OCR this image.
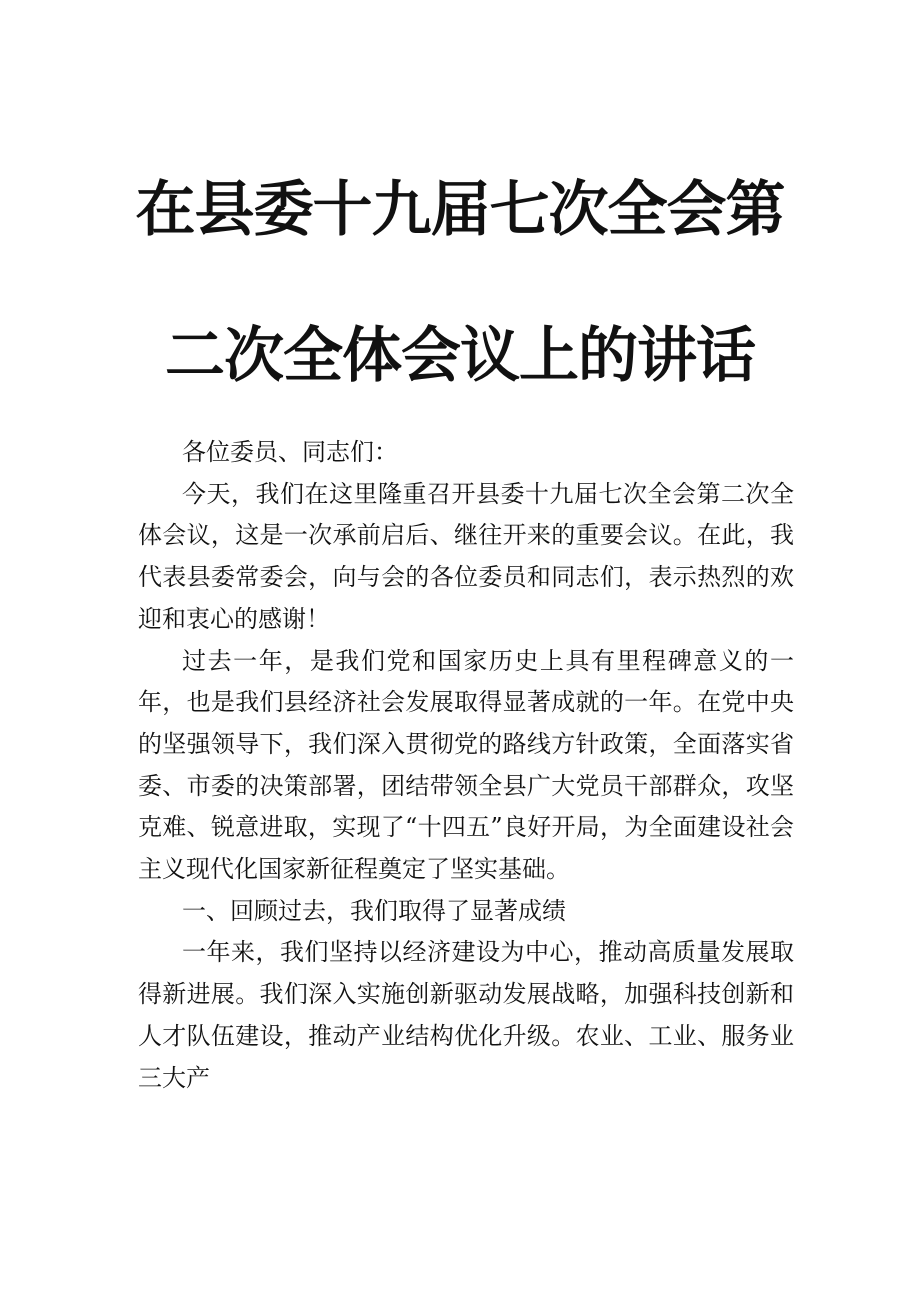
在县委十九届七次全会第
二次全体会议上的讲话

各位委员、同志们：

今天，我们在这里隆重召开县委十九届七次全会第二次全体会议，这是一次承前启后、继往开来的重要会议。在此，我代表县委常委会，向与会的各位委员和同志们，表示热烈的欢迎和衷心的感谢！

过去一年，是我们党和国家历史上具有里程碑意义的一年，也是我们县经济社会发展取得显著成就的一年。在党中央的坚强领导下，我们深入贯彻党的路线方针政策，全面落实省委、市委的决策部署，团结带领全县广大党员干部群众，攻坚克难、锐意进取，实现了“十四五”良好开局，为全面建设社会主义现代化国家新征程奠定了坚实基础。

一、回顾过去，我们取得了显著成绩

一年来，我们坚持以经济建设为中心，推动高质量发展取得新进展。我们深入实施创新驱动发展战略，加强科技创新和人才队伍建设，推动产业结构优化升级。农业、工业、服务业三大产
